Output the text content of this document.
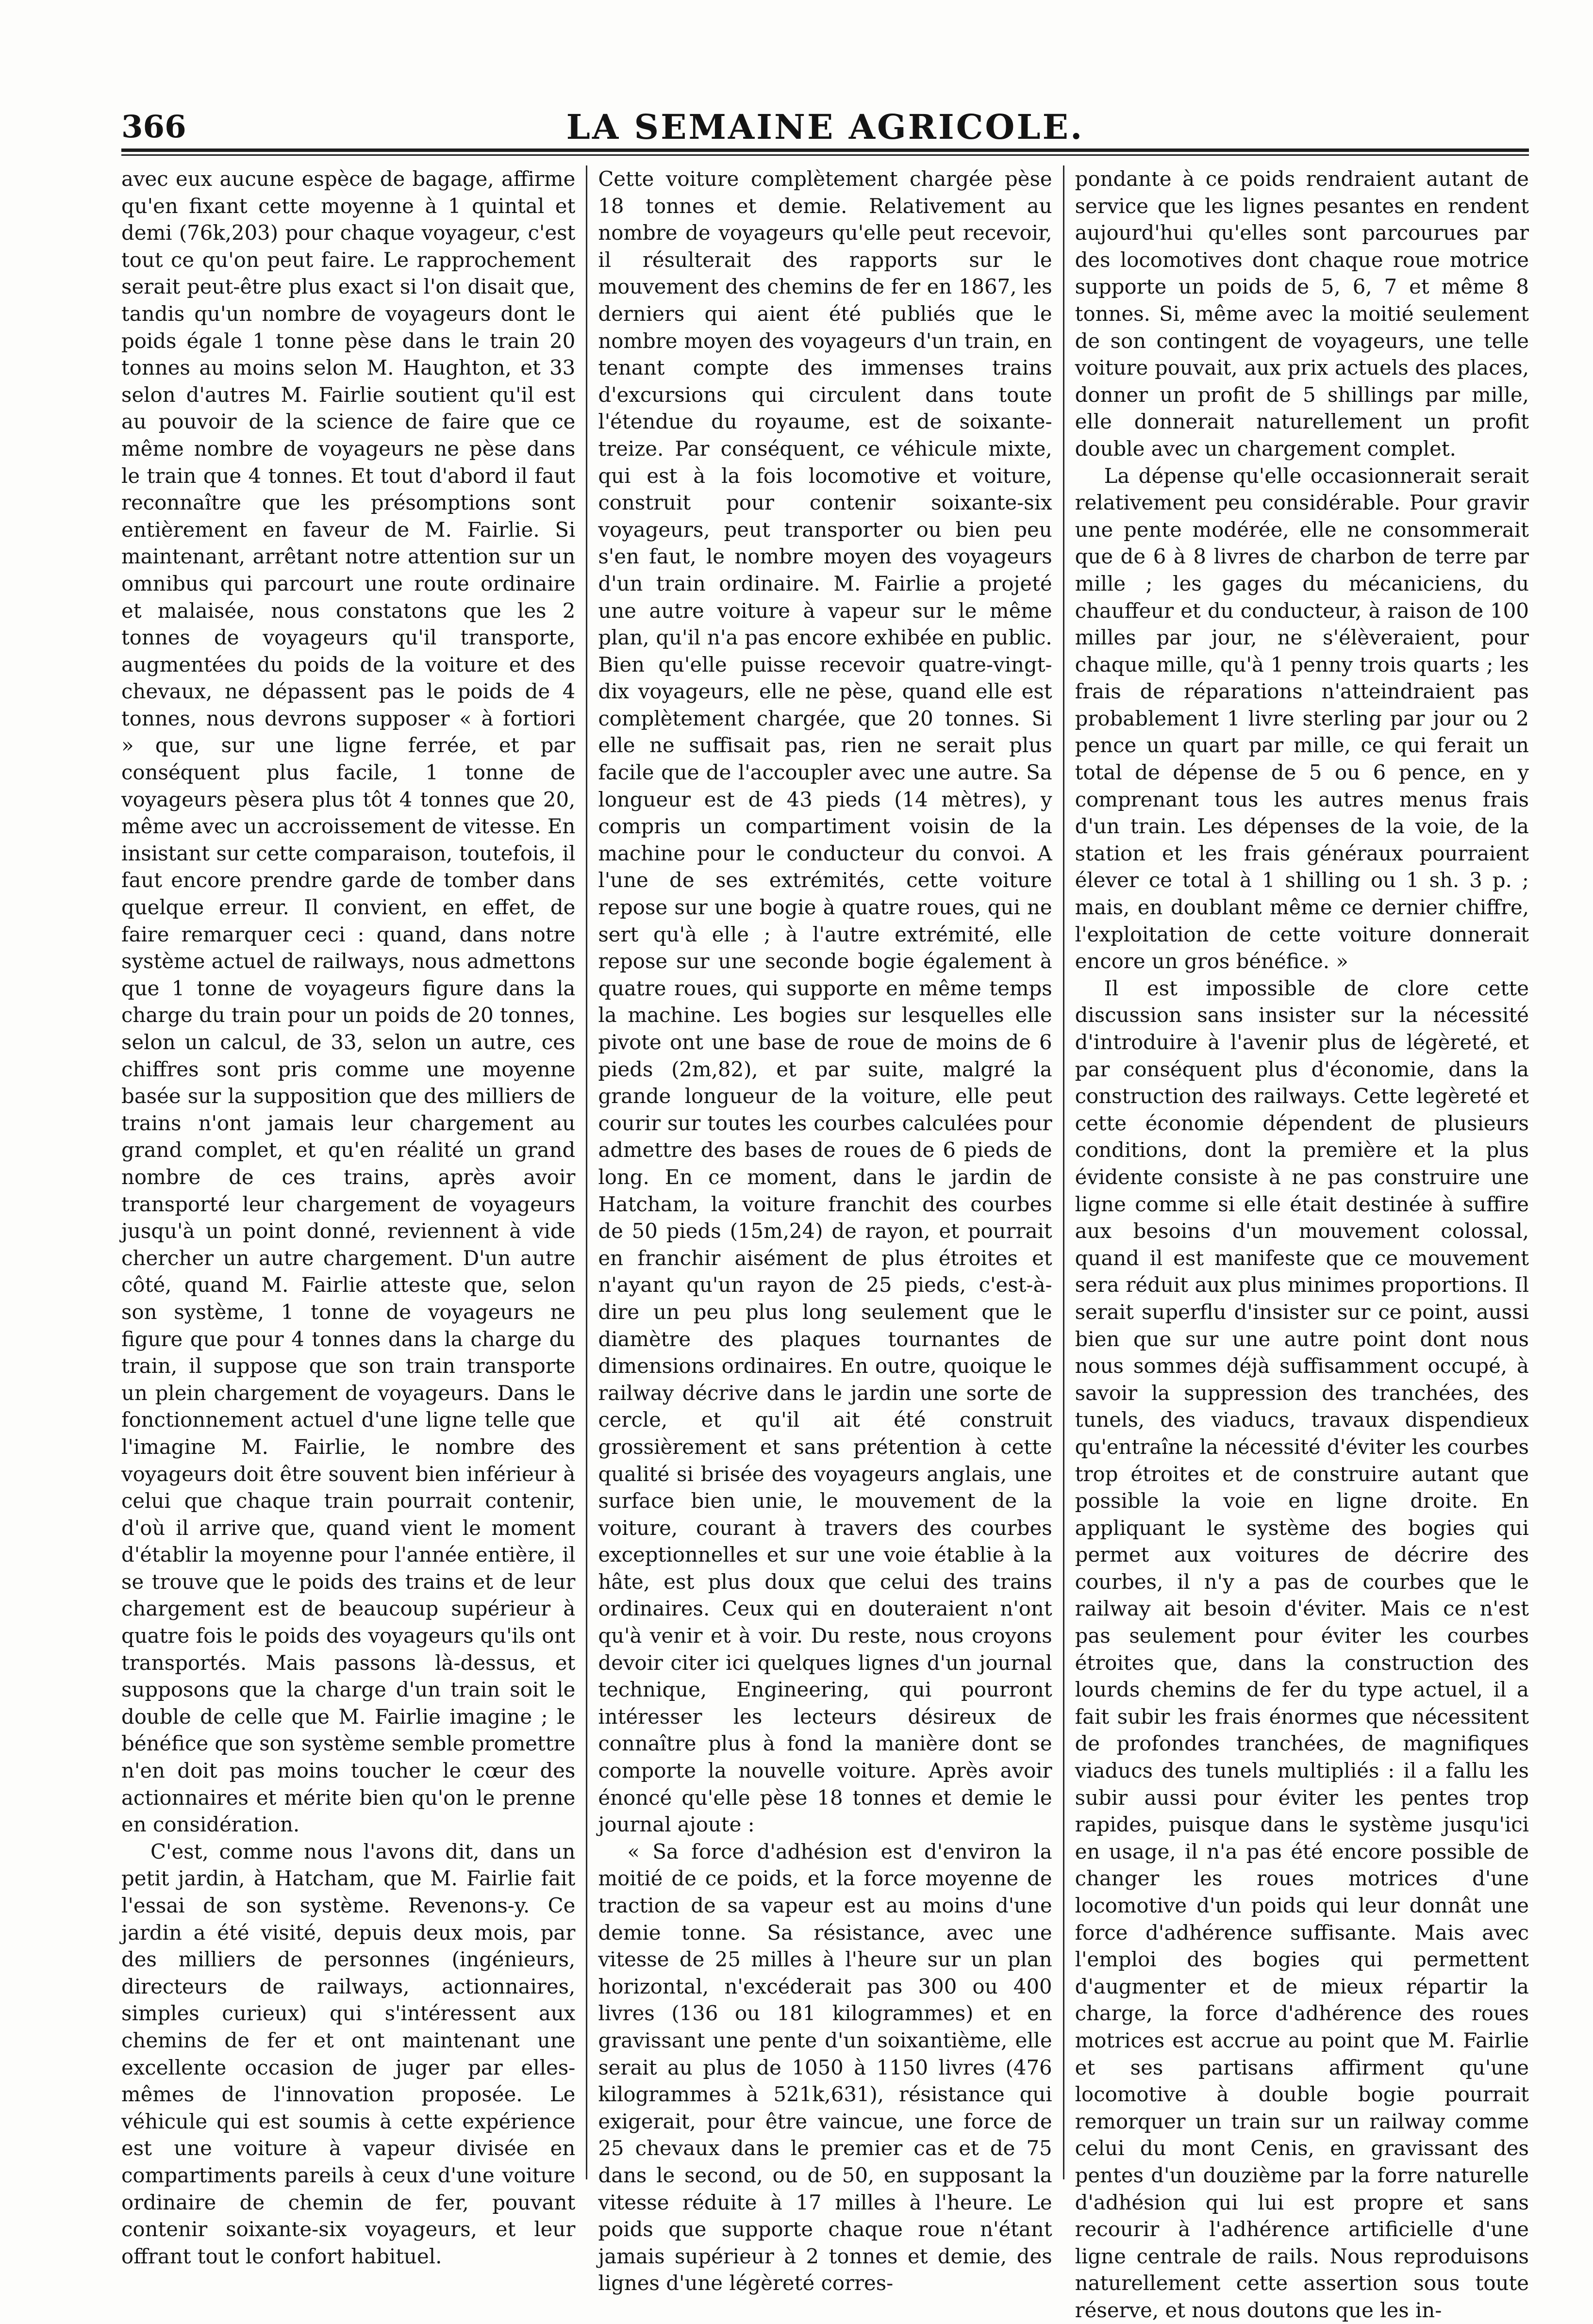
366	LA SEMAINE AGRICOLE.

avec eux aucune espèce de bagage, affirme qu'en fixant cette moyenne à 1 quintal et demi (76k,203) pour chaque voyageur, c'est tout ce qu'on peut faire. Le rapprochement serait peut-être plus exact si l'on disait que, tandis qu'un nombre de voyageurs dont le poids égale 1 tonne pèse dans le train 20 tonnes au moins selon M. Haughton, et 33 selon d'autres M. Fairlie soutient qu'il est au pouvoir de la science de faire que ce même nombre de voyageurs ne pèse dans le train que 4 tonnes. Et tout d'abord il faut reconnaître que les présomptions sont entièrement en faveur de M. Fairlie. Si maintenant, arrêtant notre attention sur un omnibus qui parcourt une route ordinaire et malaisée, nous constatons que les 2 tonnes de voyageurs qu'il transporte, augmentées du poids de la voiture et des chevaux, ne dépassent pas le poids de 4 tonnes, nous devrons supposer « à fortiori » que, sur une ligne ferrée, et par conséquent plus facile, 1 tonne de voyageurs pèsera plus tôt 4 tonnes que 20, même avec un accroissement de vitesse. En insistant sur cette comparaison, toutefois, il faut encore prendre garde de tomber dans quelque erreur. Il convient, en effet, de faire remarquer ceci : quand, dans notre système actuel de railways, nous admettons que 1 tonne de voyageurs figure dans la charge du train pour un poids de 20 tonnes, selon un calcul, de 33, selon un autre, ces chiffres sont pris comme une moyenne basée sur la supposition que des milliers de trains n'ont jamais leur chargement au grand complet, et qu'en réalité un grand nombre de ces trains, après avoir transporté leur chargement de voyageurs jusqu'à un point donné, reviennent à vide chercher un autre chargement. D'un autre côté, quand M. Fairlie atteste que, selon son système, 1 tonne de voyageurs ne figure que pour 4 tonnes dans la charge du train, il suppose que son train transporte un plein chargement de voyageurs. Dans le fonctionnement actuel d'une ligne telle que l'imagine M. Fairlie, le nombre des voyageurs doit être souvent bien inférieur à celui que chaque train pourrait contenir, d'où il arrive que, quand vient le moment d'établir la moyenne pour l'année entière, il se trouve que le poids des trains et de leur chargement est de beaucoup supérieur à quatre fois le poids des voyageurs qu'ils ont transportés. Mais passons là-dessus, et supposons que la charge d'un train soit le double de celle que M. Fairlie imagine ; le bénéfice que son système semble promettre n'en doit pas moins toucher le cœur des actionnaires et mérite bien qu'on le prenne en considération.

C'est, comme nous l'avons dit, dans un petit jardin, à Hatcham, que M. Fairlie fait l'essai de son système. Revenons-y. Ce jardin a été visité, depuis deux mois, par des milliers de personnes (ingénieurs, directeurs de railways, actionnaires, simples curieux) qui s'intéressent aux chemins de fer et ont maintenant une excellente occasion de juger par elles-mêmes de l'innovation proposée. Le véhicule qui est soumis à cette expérience est une voiture à vapeur divisée en compartiments pareils à ceux d'une voiture ordinaire de chemin de fer, pouvant contenir soixante-six voyageurs, et leur offrant tout le confort habituel.

Cette voiture complètement chargée pèse 18 tonnes et demie. Relativement au nombre de voyageurs qu'elle peut recevoir, il résulterait des rapports sur le mouvement des chemins de fer en 1867, les derniers qui aient été publiés que le nombre moyen des voyageurs d'un train, en tenant compte des immenses trains d'excursions qui circulent dans toute l'étendue du royaume, est de soixante-treize. Par conséquent, ce véhicule mixte, qui est à la fois locomotive et voiture, construit pour contenir soixante-six voyageurs, peut transporter ou bien peu s'en faut, le nombre moyen des voyageurs d'un train ordinaire. M. Fairlie a projeté une autre voiture à vapeur sur le même plan, qu'il n'a pas encore exhibée en public. Bien qu'elle puisse recevoir quatre-vingt-dix voyageurs, elle ne pèse, quand elle est complètement chargée, que 20 tonnes. Si elle ne suffisait pas, rien ne serait plus facile que de l'accoupler avec une autre. Sa longueur est de 43 pieds (14 mètres), y compris un compartiment voisin de la machine pour le conducteur du convoi. A l'une de ses extrémités, cette voiture repose sur une bogie à quatre roues, qui ne sert qu'à elle ; à l'autre extrémité, elle repose sur une seconde bogie également à quatre roues, qui supporte en même temps la machine. Les bogies sur lesquelles elle pivote ont une base de roue de moins de 6 pieds (2m,82), et par suite, malgré la grande longueur de la voiture, elle peut courir sur toutes les courbes calculées pour admettre des bases de roues de 6 pieds de long. En ce moment, dans le jardin de Hatcham, la voiture franchit des courbes de 50 pieds (15m,24) de rayon, et pourrait en franchir aisément de plus étroites et n'ayant qu'un rayon de 25 pieds, c'est-à-dire un peu plus long seulement que le diamètre des plaques tournantes de dimensions ordinaires. En outre, quoique le railway décrive dans le jardin une sorte de cercle, et qu'il ait été construit grossièrement et sans prétention à cette qualité si brisée des voyageurs anglais, une surface bien unie, le mouvement de la voiture, courant à travers des courbes exceptionnelles et sur une voie établie à la hâte, est plus doux que celui des trains ordinaires. Ceux qui en douteraient n'ont qu'à venir et à voir. Du reste, nous croyons devoir citer ici quelques lignes d'un journal technique, Engineering, qui pourront intéresser les lecteurs désireux de connaître plus à fond la manière dont se comporte la nouvelle voiture. Après avoir énoncé qu'elle pèse 18 tonnes et demie le journal ajoute :

« Sa force d'adhésion est d'environ la moitié de ce poids, et la force moyenne de traction de sa vapeur est au moins d'une demie tonne. Sa résistance, avec une vitesse de 25 milles à l'heure sur un plan horizontal, n'excéderait pas 300 ou 400 livres (136 ou 181 kilogrammes) et en gravissant une pente d'un soixantième, elle serait au plus de 1050 à 1150 livres (476 kilogrammes à 521k,631), résistance qui exigerait, pour être vaincue, une force de 25 chevaux dans le premier cas et de 75 dans le second, ou de 50, en supposant la vitesse réduite à 17 milles à l'heure. Le poids que supporte chaque roue n'étant jamais supérieur à 2 tonnes et demie, des lignes d'une légèreté corres-

pondante à ce poids rendraient autant de service que les lignes pesantes en rendent aujourd'hui qu'elles sont parcourues par des locomotives dont chaque roue motrice supporte un poids de 5, 6, 7 et même 8 tonnes. Si, même avec la moitié seulement de son contingent de voyageurs, une telle voiture pouvait, aux prix actuels des places, donner un profit de 5 shillings par mille, elle donnerait naturellement un profit double avec un chargement complet.

La dépense qu'elle occasionnerait serait relativement peu considérable. Pour gravir une pente modérée, elle ne consommerait que de 6 à 8 livres de charbon de terre par mille ; les gages du mécaniciens, du chauffeur et du conducteur, à raison de 100 milles par jour, ne s'élèveraient, pour chaque mille, qu'à 1 penny trois quarts ; les frais de réparations n'atteindraient pas probablement 1 livre sterling par jour ou 2 pence un quart par mille, ce qui ferait un total de dépense de 5 ou 6 pence, en y comprenant tous les autres menus frais d'un train. Les dépenses de la voie, de la station et les frais généraux pourraient élever ce total à 1 shilling ou 1 sh. 3 p. ; mais, en doublant même ce dernier chiffre, l'exploitation de cette voiture donnerait encore un gros bénéfice. »

Il est impossible de clore cette discussion sans insister sur la nécessité d'introduire à l'avenir plus de légèreté, et par conséquent plus d'économie, dans la construction des railways. Cette legèreté et cette économie dépendent de plusieurs conditions, dont la première et la plus évidente consiste à ne pas construire une ligne comme si elle était destinée à suffire aux besoins d'un mouvement colossal, quand il est manifeste que ce mouvement sera réduit aux plus minimes proportions. Il serait superflu d'insister sur ce point, aussi bien que sur une autre point dont nous nous sommes déjà suffisamment occupé, à savoir la suppression des tranchées, des tunels, des viaducs, travaux dispendieux qu'entraîne la nécessité d'éviter les courbes trop étroites et de construire autant que possible la voie en ligne droite. En appliquant le système des bogies qui permet aux voitures de décrire des courbes, il n'y a pas de courbes que le railway ait besoin d'éviter. Mais ce n'est pas seulement pour éviter les courbes étroites que, dans la construction des lourds chemins de fer du type actuel, il a fait subir les frais énormes que nécessitent de profondes tranchées, de magnifiques viaducs des tunels multipliés : il a fallu les subir aussi pour éviter les pentes trop rapides, puisque dans le système jusqu'ici en usage, il n'a pas été encore possible de changer les roues motrices d'une locomotive d'un poids qui leur donnât une force d'adhérence suffisante. Mais avec l'emploi des bogies qui permettent d'augmenter et de mieux répartir la charge, la force d'adhérence des roues motrices est accrue au point que M. Fairlie et ses partisans affirment qu'une locomotive à double bogie pourrait remorquer un train sur un railway comme celui du mont Cenis, en gravissant des pentes d'un douzième par la forre naturelle d'adhésion qui lui est propre et sans recourir à l'adhérence artificielle d'une ligne centrale de rails. Nous reproduisons naturellement cette assertion sous toute réserve, et nous doutons que les in-
